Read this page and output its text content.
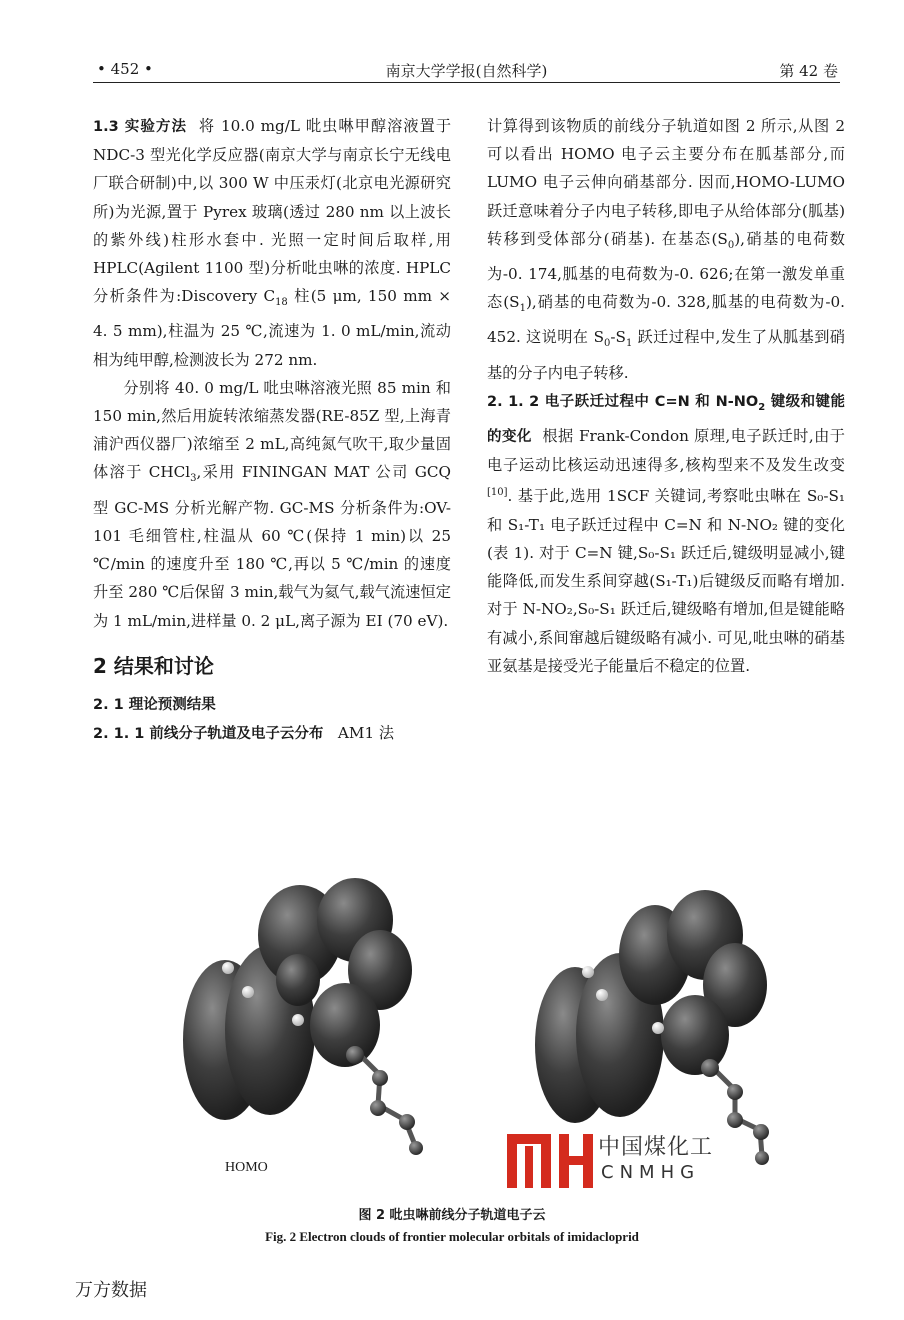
• 452 •	南京大学学报(自然科学)	第 42 卷

1.3 实验方法 将 10.0 mg/L 吡虫啉甲醇溶液置于 NDC-3 型光化学反应器(南京大学与南京长宁无线电厂联合研制)中,以 300 W 中压汞灯(北京电光源研究所)为光源,置于 Pyrex 玻璃(透过 280 nm 以上波长的紫外线)柱形水套中. 光照一定时间后取样,用 HPLC(Agilent 1100 型)分析吡虫啉的浓度. HPLC 分析条件为:Discovery $C_{18}$ 柱(5 μm, 150 mm × 4. 5 mm),柱温为 25 ℃,流速为 1. 0 mL/min,流动相为纯甲醇,检测波长为 272 nm.

分别将 40. 0 mg/L 吡虫啉溶液光照 85 min 和 150 min,然后用旋转浓缩蒸发器(RE-85Z 型,上海青浦沪西仪器厂)浓缩至 2 mL,高纯氮气吹干,取少量固体溶于 CHCl$_3$,采用 FININGAN MAT 公司 GCQ 型 GC-MS 分析光解产物. GC-MS 分析条件为:OV-101 毛细管柱,柱温从 60 ℃(保持 1 min)以 25 ℃/min 的速度升至 180 ℃,再以 5 ℃/min 的速度升至 280 ℃后保留 3 min,载气为氦气,载气流速恒定为 1 mL/min,进样量 0. 2 μL,离子源为 EI (70 eV).

2 结果和讨论

2. 1 理论预测结果

2. 1. 1 前线分子轨道及电子云分布 AM1 法

计算得到该物质的前线分子轨道如图 2 所示,从图 2 可以看出 HOMO 电子云主要分布在胍基部分,而 LUMO 电子云伸向硝基部分. 因而,HOMO-LUMO 跃迁意味着分子内电子转移,即电子从给体部分(胍基)转移到受体部分(硝基). 在基态$(S_0)$,硝基的电荷数为-0. 174,胍基的电荷数为-0. 626;在第一激发单重态$(S_1)$,硝基的电荷数为-0. 328,胍基的电荷数为-0. 452. 这说明在 $S_0-S_1$ 跃迁过程中,发生了从胍基到硝基的分子内电子转移.

2. 1. 2 电子跃迁过程中 C=N 和 $N-NO_2$ 键级和键能的变化 根据 Frank-Condon 原理,电子跃迁时,由于电子运动比核运动迅速得多,核构型来不及发生改变[10]. 基于此,选用 1SCF 关键词,考察吡虫啉在 S₀-S₁ 和 S₁-T₁ 电子跃迁过程中 C=N 和 N-NO₂ 键的变化(表 1). 对于 C=N 键,S₀-S₁ 跃迁后,键级明显减小,键能降低,而发生系间穿越(S₁-T₁)后键级反而略有增加. 对于 N-NO₂,S₀-S₁ 跃迁后,键级略有增加,但是键能略有减小,系间窜越后键级略有减小. 可见,吡虫啉的硝基亚氨基是接受光子能量后不稳定的位置.

HOMO
中国煤化工
CNMHG
图 2 吡虫啉前线分子轨道电子云
Fig. 2 Electron clouds of frontier molecular orbitals of imidacloprid
万方数据
